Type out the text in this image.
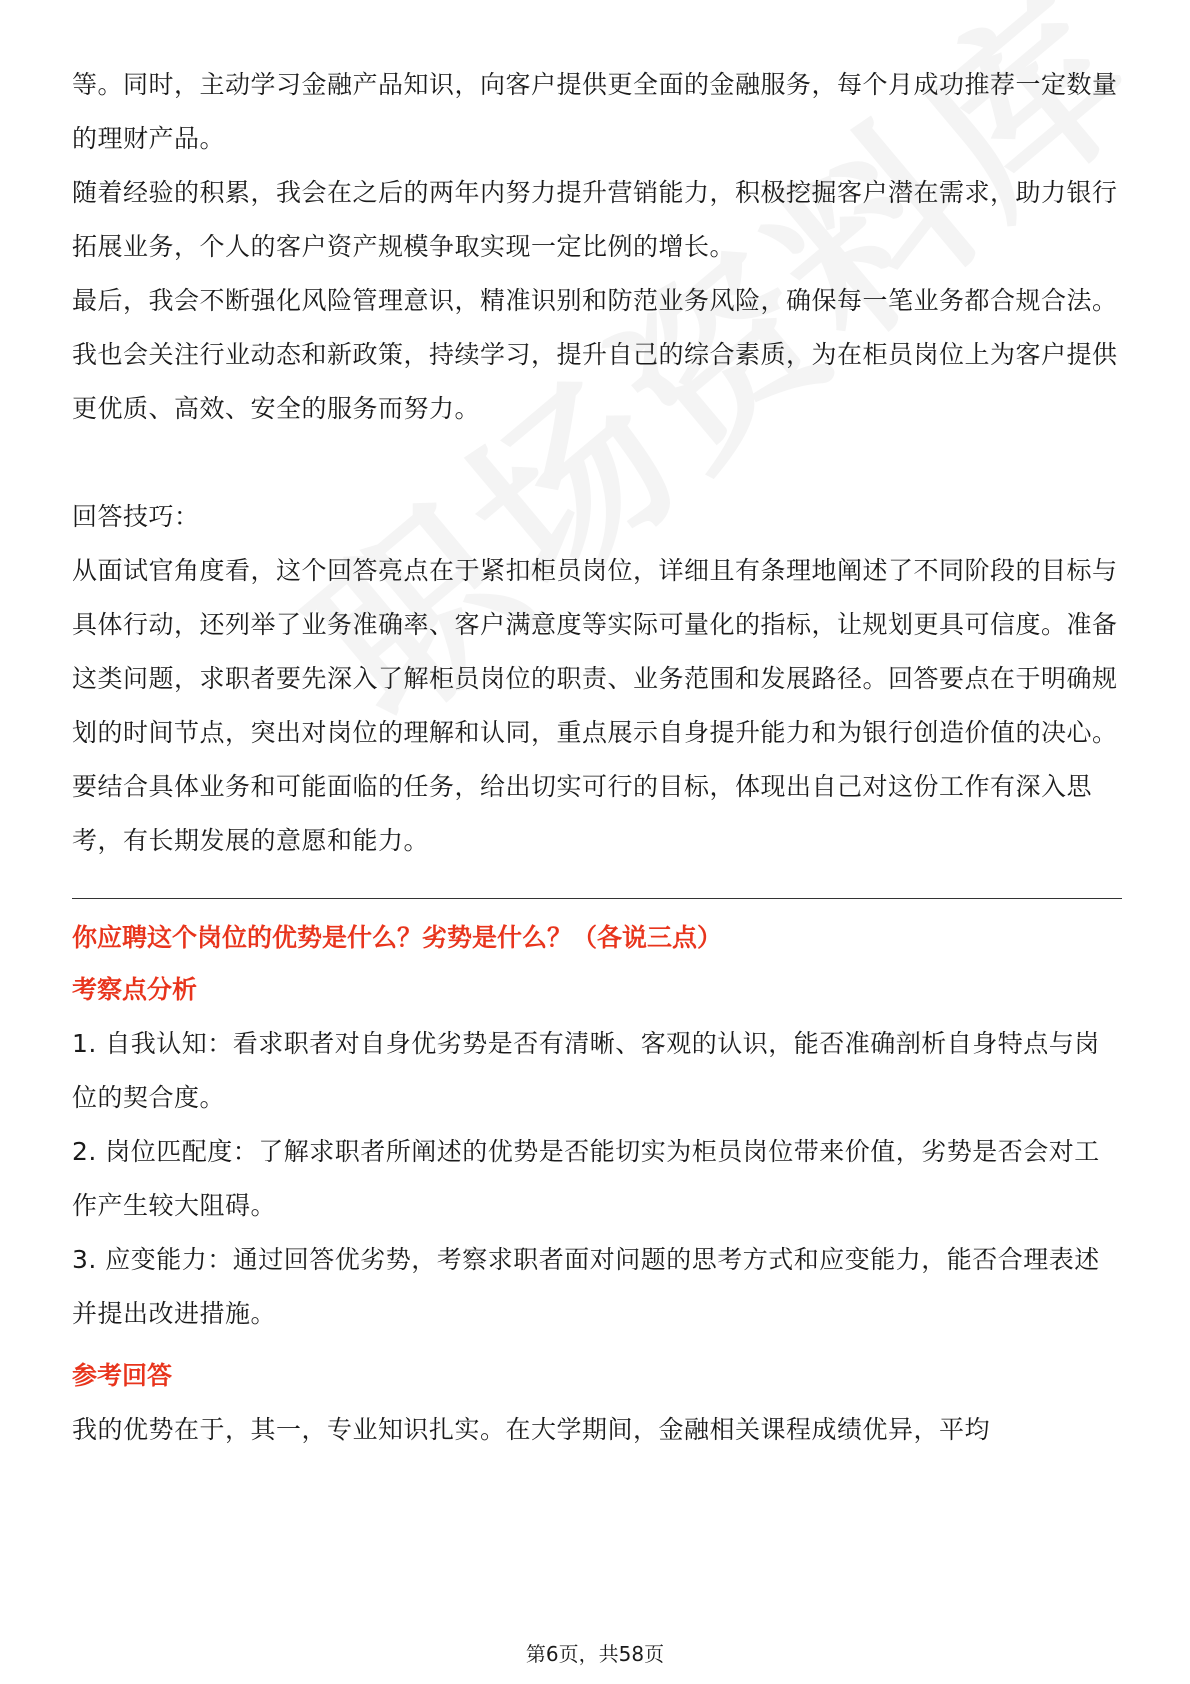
等。同时，主动学习金融产品知识，向客户提供更全面的金融服务，每个月成功推荐一定数量的理财产品。

随着经验的积累，我会在之后的两年内努力提升营销能力，积极挖掘客户潜在需求，助力银行拓展业务，个人的客户资产规模争取实现一定比例的增长。

最后，我会不断强化风险管理意识，精准识别和防范业务风险，确保每一笔业务都合规合法。我也会关注行业动态和新政策，持续学习，提升自己的综合素质，为在柜员岗位上为客户提供更优质、高效、安全的服务而努力。

回答技巧：

从面试官角度看，这个回答亮点在于紧扣柜员岗位，详细且有条理地阐述了不同阶段的目标与具体行动，还列举了业务准确率、客户满意度等实际可量化的指标，让规划更具可信度。准备这类问题，求职者要先深入了解柜员岗位的职责、业务范围和发展路径。回答要点在于明确规划的时间节点，突出对岗位的理解和认同，重点展示自身提升能力和为银行创造价值的决心。要结合具体业务和可能面临的任务，给出切实可行的目标，体现出自己对这份工作有深入思考，有长期发展的意愿和能力。

你应聘这个岗位的优势是什么？劣势是什么？（各说三点）

考察点分析

1. 自我认知：看求职者对自身优劣势是否有清晰、客观的认识，能否准确剖析自身特点与岗位的契合度。

2. 岗位匹配度：了解求职者所阐述的优势是否能切实为柜员岗位带来价值，劣势是否会对工作产生较大阻碍。

3. 应变能力：通过回答优劣势，考察求职者面对问题的思考方式和应变能力，能否合理表述并提出改进措施。

参考回答

我的优势在于，其一，专业知识扎实。在大学期间，金融相关课程成绩优异，平均

第6页，共58页
